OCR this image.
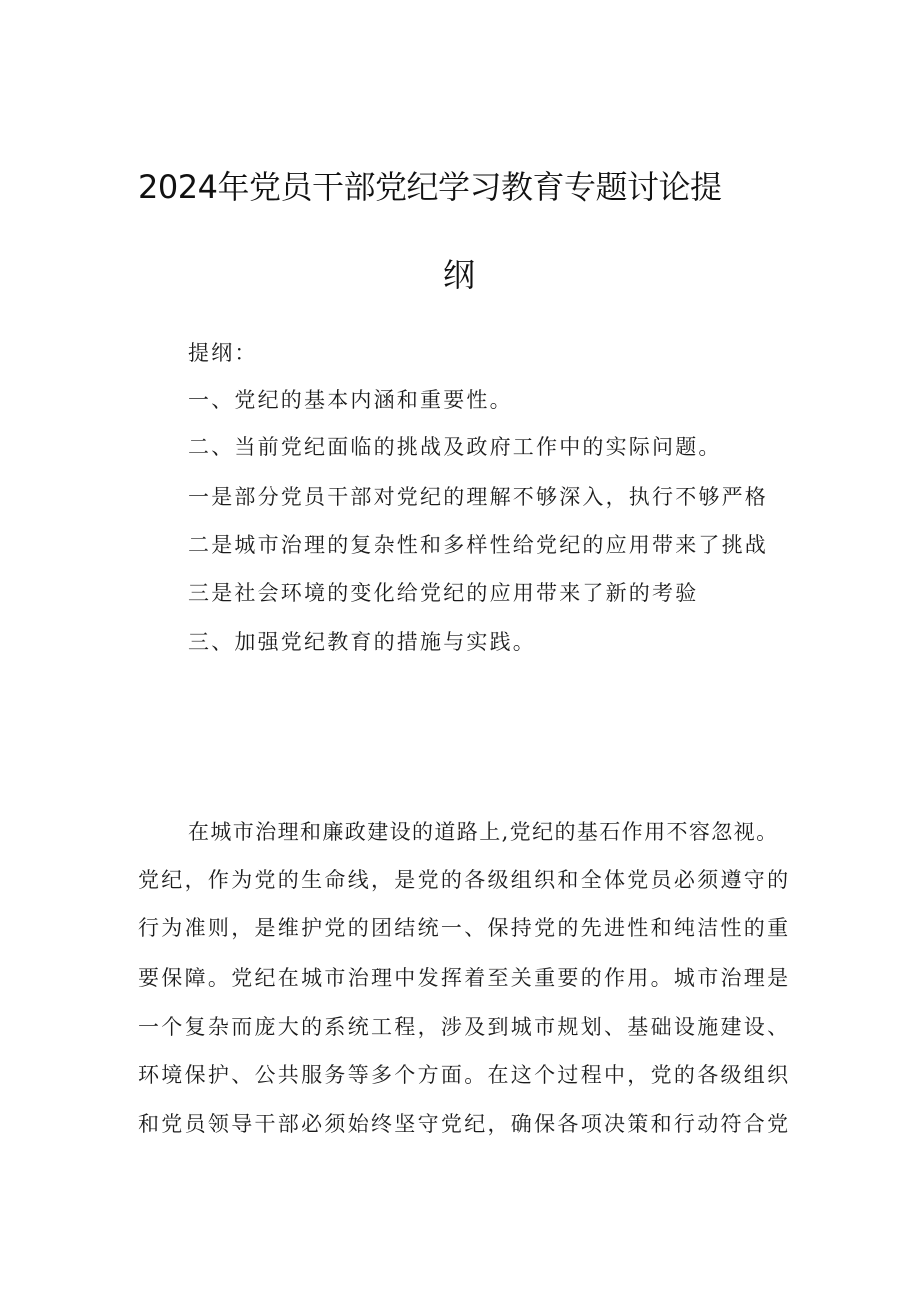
2024年党员干部党纪学习教育专题讨论提
纲
提纲：
一、党纪的基本内涵和重要性。
二、当前党纪面临的挑战及政府工作中的实际问题。
一是部分党员干部对党纪的理解不够深入，执行不够严格
二是城市治理的复杂性和多样性给党纪的应用带来了挑战
三是社会环境的变化给党纪的应用带来了新的考验
三、加强党纪教育的措施与实践。
在城市治理和廉政建设的道路上,党纪的基石作用不容忽视。
党纪，作为党的生命线，是党的各级组织和全体党员必须遵守的
行为准则，是维护党的团结统一、保持党的先进性和纯洁性的重
要保障。党纪在城市治理中发挥着至关重要的作用。城市治理是
一个复杂而庞大的系统工程，涉及到城市规划、基础设施建设、
环境保护、公共服务等多个方面。在这个过程中，党的各级组织
和党员领导干部必须始终坚守党纪，确保各项决策和行动符合党
